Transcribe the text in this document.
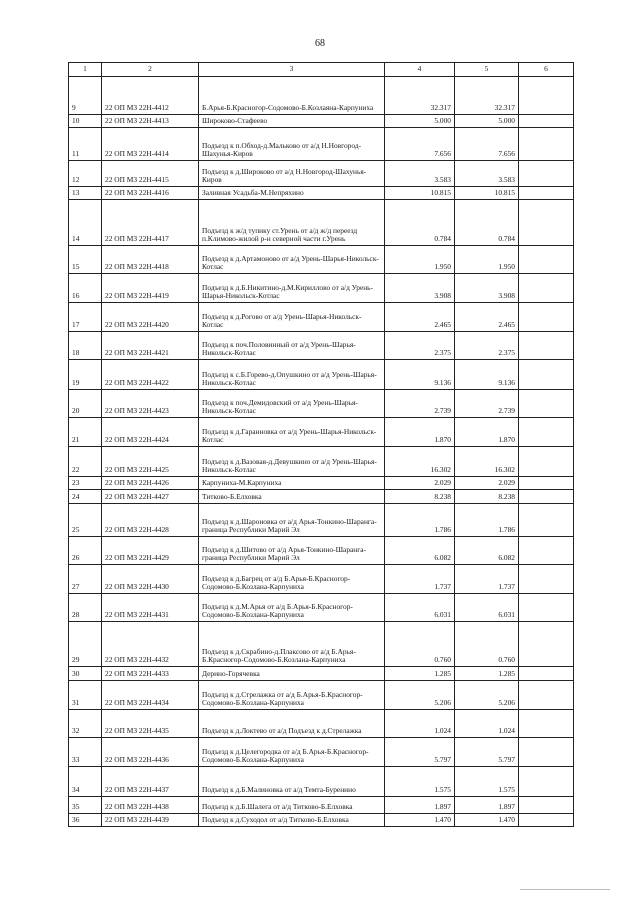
68
1	2	3	4	5	6
9	22 ОП МЗ 22Н-4412	Б.Арья-Б.Красногор-Содомово-Б.Козлаяна-Карпуниха	32.317	32.317	
10	22 ОП МЗ 22Н-4413	Широково-Стафеево	5.000	5.000	
11	22 ОП МЗ 22Н-4414	Подъезд к п.Обход-д.Мальково от а/д Н.Новгород-Шахунья-Киров	7.656	7.656	
12	22 ОП МЗ 22Н-4415	Подъезд к д.Широково от а/д Н.Новгород-Шахунья-Киров	3.583	3.583	
13	22 ОП МЗ 22Н-4416	Заливная Усадьба-М.Непряхино	10.815	10.815	
14	22 ОП МЗ 22Н-4417	Подъезд к ж/д тупику ст.Урень от а/д ж/д переезд п.Климово-жилой р-н северной части г.Урень	0.784	0.784	
15	22 ОП МЗ 22Н-4418	Подъезд к д.Артамоново от а/д Урень-Шарья-Никольск-Котлас	1.950	1.950	
16	22 ОП МЗ 22Н-4419	Подъезд к д.Б.Никитино-д.М.Кириллово от а/д Урень-Шарья-Никольск-Котлас	3.908	3.908	
17	22 ОП МЗ 22Н-4420	Подъезд к д.Рогово от а/д Урень-Шарья-Никольск-Котлас	2.465	2.465	
18	22 ОП МЗ 22Н-4421	Подъезд к поч.Половинный от а/д Урень-Шарья-Никольск-Котлас	2.375	2.375	
19	22 ОП МЗ 22Н-4422	Подъезд к с.Б.Горево-д.Опушкино от а/д Урень-Шарья-Никольск-Котлас	9.136	9.136	
20	22 ОП МЗ 22Н-4423	Подъезд к поч.Демидовский от а/д Урень-Шарья-Никольск-Котлас	2.739	2.739	
21	22 ОП МЗ 22Н-4424	Подъезд к д.Гаранновка от а/д Урень-Шарья-Никольск-Котлас	1.870	1.870	
22	22 ОП МЗ 22Н-4425	Подъезд к д.Вазовая-д.Девушкино от а/д Урень-Шарья-Никольск-Котлас	16.302	16.302	
23	22 ОП МЗ 22Н-4426	Карпуниха-М.Карпуниха	2.029	2.029	
24	22 ОП МЗ 22Н-4427	Титково-Б.Елховка	8.238	8.238	
25	22 ОП МЗ 22Н-4428	Подъезд к д.Шароновка от а/д Арья-Тонкино-Шаранга-граница Республики Марий Эл	1.786	1.786	
26	22 ОП МЗ 22Н-4429	Подъезд к д.Шитово от а/д Арья-Тонкино-Шаранга-граница Республики Марий Эл	6.082	6.082	
27	22 ОП МЗ 22Н-4430	Подъезд к д.Багрец от а/д Б.Арья-Б.Красногор-Содомово-Б.Козлана-Карпуниха	1.737	1.737	
28	22 ОП МЗ 22Н-4431	Подъезд к д.М.Арья от а/д Б.Арья-Б.Красногор-Содомово-Б.Козлана-Карпуниха	6.031	6.031	
29	22 ОП МЗ 22Н-4432	Подъезд к д.Скрабино-д.Плаксово от а/д Б.Арья-Б.Красногор-Содомово-Б.Козлана-Карпуниха	0.760	0.760	
30	22 ОП МЗ 22Н-4433	Дерино-Горячевка	1.285	1.285	
31	22 ОП МЗ 22Н-4434	Подъезд к д.Стрелажка от а/д Б.Арья-Б.Красногор-Содомово-Б.Козлана-Карпуниха	5.206	5.206	
32	22 ОП МЗ 22Н-4435	Подъезд к д.Локтево от а/д Подъезд к д.Стрелажка	1.024	1.024	
33	22 ОП МЗ 22Н-4436	Подъезд к д.Целегородка от а/д Б.Арья-Б.Красногор-Содомово-Б.Козлана-Карпуниха	5.797	5.797	
34	22 ОП МЗ 22Н-4437	Подъезд к д.Б.Малиновка от а/д Темта-Буренино	1.575	1.575	
35	22 ОП МЗ 22Н-4438	Подъезд к д.Б.Шалега от а/д Титково-Б.Елховка	1.897	1.897	
36	22 ОП МЗ 22Н-4439	Подъезд к д.Суходол от а/д Титково-Б.Елховка	1.470	1.470	
